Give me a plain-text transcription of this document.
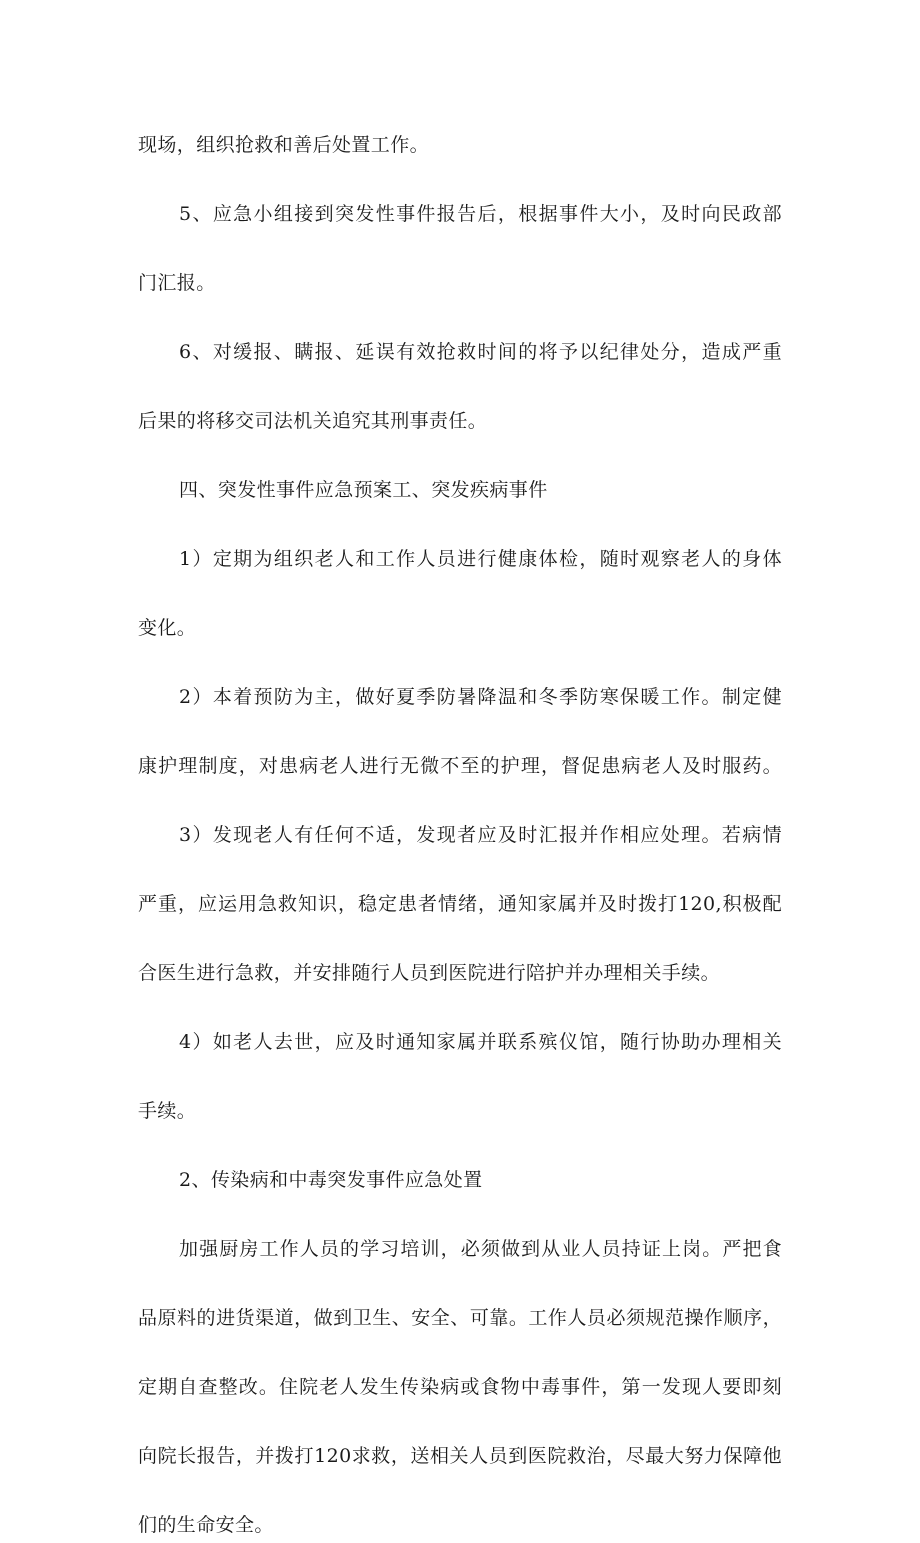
现场，组织抢救和善后处置工作。
5、应急小组接到突发性事件报告后，根据事件大小，及时向民政部
门汇报。
6、对缓报、瞒报、延误有效抢救时间的将予以纪律处分，造成严重
后果的将移交司法机关追究其刑事责任。
四、突发性事件应急预案工、突发疾病事件
1）定期为组织老人和工作人员进行健康体检，随时观察老人的身体
变化。
2）本着预防为主，做好夏季防暑降温和冬季防寒保暖工作。制定健
康护理制度，对患病老人进行无微不至的护理，督促患病老人及时服药。
3）发现老人有任何不适，发现者应及时汇报并作相应处理。若病情
严重，应运用急救知识，稳定患者情绪，通知家属并及时拨打120,积极配
合医生进行急救，并安排随行人员到医院进行陪护并办理相关手续。
4）如老人去世，应及时通知家属并联系殡仪馆，随行协助办理相关
手续。
2、传染病和中毒突发事件应急处置
加强厨房工作人员的学习培训，必须做到从业人员持证上岗。严把食
品原料的进货渠道，做到卫生、安全、可靠。工作人员必须规范操作顺序，
定期自查整改。住院老人发生传染病或食物中毒事件，第一发现人要即刻
向院长报告，并拨打120求救，送相关人员到医院救治，尽最大努力保障他
们的生命安全。
